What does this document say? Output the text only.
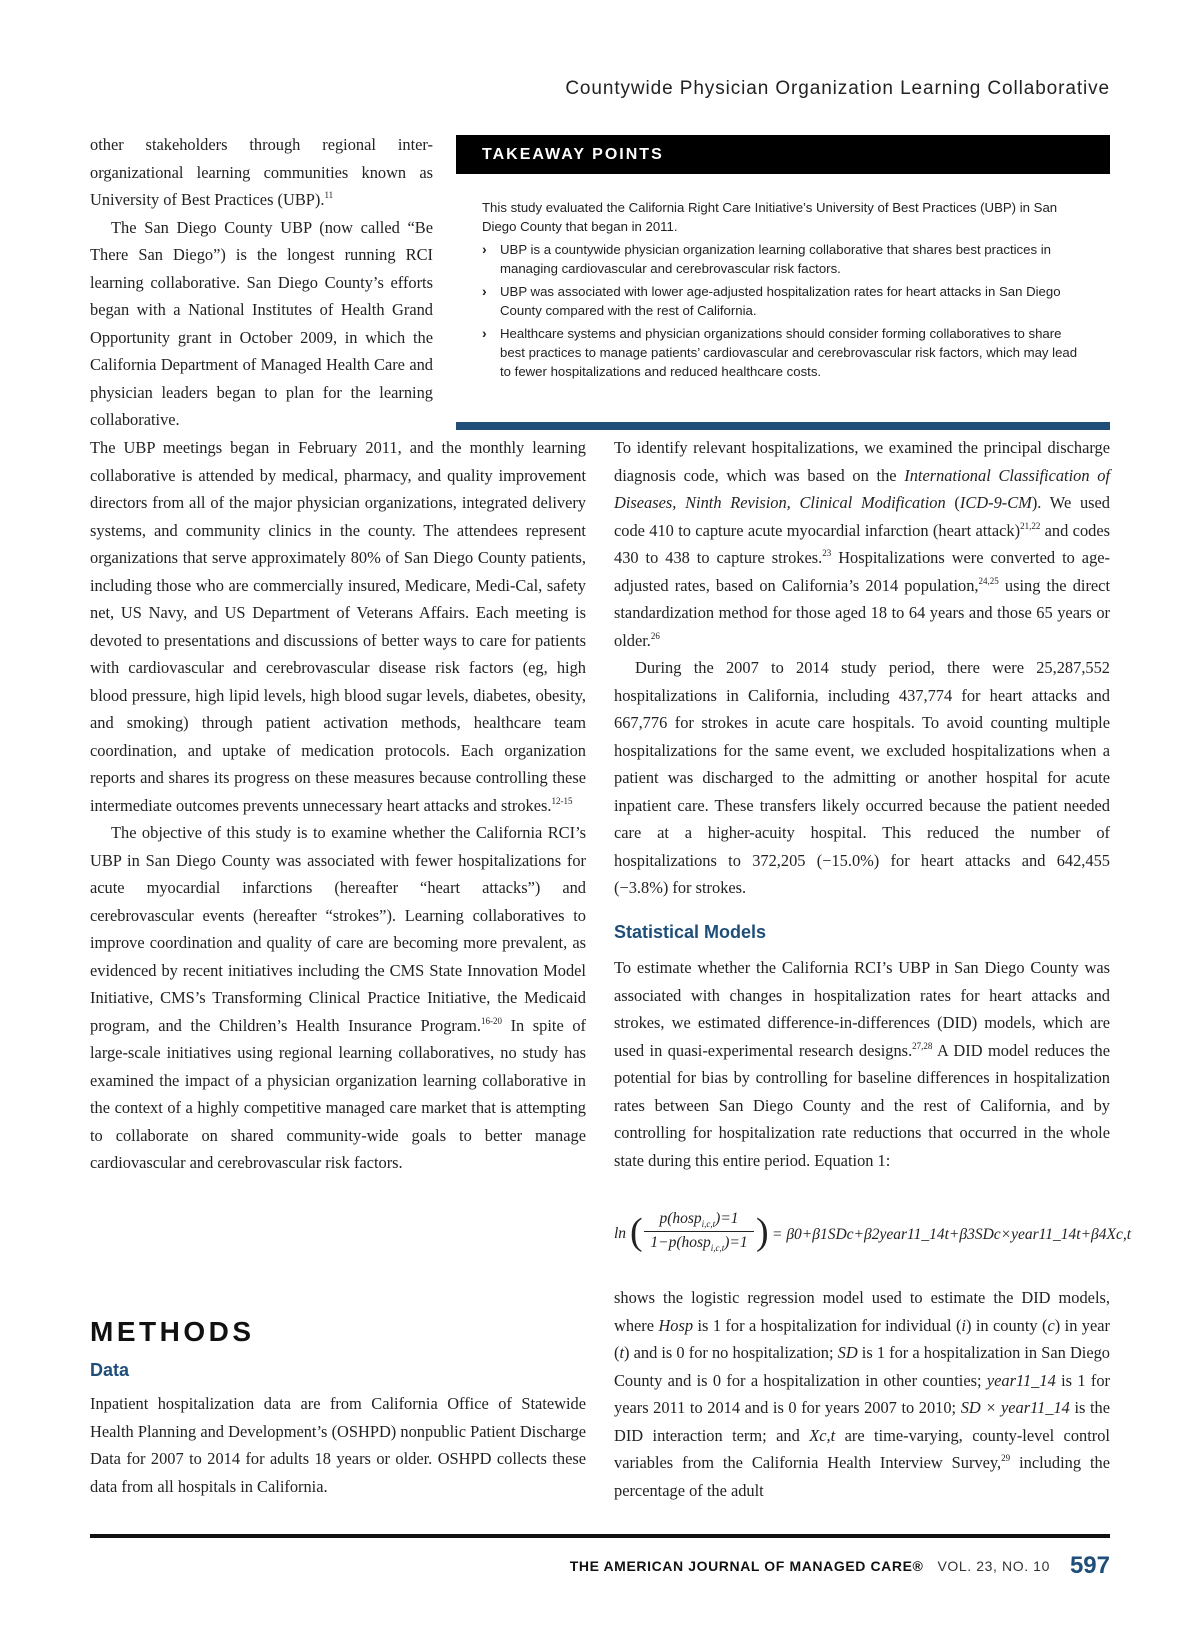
Countywide Physician Organization Learning Collaborative
TAKEAWAY POINTS

This study evaluated the California Right Care Initiative’s University of Best Practices (UBP) in San Diego County that began in 2011.

› UBP is a countywide physician organization learning collaborative that shares best practices in managing cardiovascular and cerebrovascular risk factors.
› UBP was associated with lower age-adjusted hospitalization rates for heart attacks in San Diego County compared with the rest of California.
› Healthcare systems and physician organizations should consider forming collaboratives to share best practices to manage patients’ cardiovascular and cerebrovascular risk factors, which may lead to fewer hospitalizations and reduced healthcare costs.

other stakeholders through regional inter-organizational learning communities known as University of Best Practices (UBP).$^{11}$

The San Diego County UBP (now called “Be There San Diego”) is the longest running RCI learning collaborative. San Diego County’s efforts began with a National Institutes of Health Grand Opportunity grant in October 2009, in which the California Department of Managed Health Care and physician leaders began to plan for the learning collaborative.

The UBP meetings began in February 2011, and the monthly learning collaborative is attended by medical, pharmacy, and quality improvement directors from all of the major physician organizations, integrated delivery systems, and community clinics in the county. The attendees represent organizations that serve approximately 80% of San Diego County patients, including those who are commercially insured, Medicare, Medi-Cal, safety net, US Navy, and US Department of Veterans Affairs. Each meeting is devoted to presentations and discussions of better ways to care for patients with cardiovascular and cerebrovascular disease risk factors (eg, high blood pressure, high lipid levels, high blood sugar levels, diabetes, obesity, and smoking) through patient activation methods, healthcare team coordination, and uptake of medication protocols. Each organization reports and shares its progress on these measures because controlling these intermediate outcomes prevents unnecessary heart attacks and strokes.$^{12-15}$

The objective of this study is to examine whether the California RCI’s UBP in San Diego County was associated with fewer hospitalizations for acute myocardial infarctions (hereafter “heart attacks”) and cerebrovascular events (hereafter “strokes”). Learning collaboratives to improve coordination and quality of care are becoming more prevalent, as evidenced by recent initiatives including the CMS State Innovation Model Initiative, CMS’s Transforming Clinical Practice Initiative, the Medicaid program, and the Children’s Health Insurance Program.$^{16-20}$ In spite of large-scale initiatives using regional learning collaboratives, no study has examined the impact of a physician organization learning collaborative in the context of a highly competitive managed care market that is attempting to collaborate on shared community-wide goals to better manage cardiovascular and cerebrovascular risk factors.

METHODS
Data

Inpatient hospitalization data are from California Office of Statewide Health Planning and Development’s (OSHPD) nonpublic Patient Discharge Data for 2007 to 2014 for adults 18 years or older. OSHPD collects these data from all hospitals in California.

To identify relevant hospitalizations, we examined the principal discharge diagnosis code, which was based on the International Classification of Diseases, Ninth Revision, Clinical Modification (ICD-9-CM). We used code 410 to capture acute myocardial infarction (heart attack)$^{21,22}$ and codes 430 to 438 to capture strokes.$^{23}$ Hospitalizations were converted to age-adjusted rates, based on California’s 2014 population,$^{24,25}$ using the direct standardization method for those aged 18 to 64 years and those 65 years or older.$^{26}$

During the 2007 to 2014 study period, there were 25,287,552 hospitalizations in California, including 437,774 for heart attacks and 667,776 for strokes in acute care hospitals. To avoid counting multiple hospitalizations for the same event, we excluded hospitalizations when a patient was discharged to the admitting or another hospital for acute inpatient care. These transfers likely occurred because the patient needed care at a higher-acuity hospital. This reduced the number of hospitalizations to 372,205 (−15.0%) for heart attacks and 642,455 (−3.8%) for strokes.

Statistical Models

To estimate whether the California RCI’s UBP in San Diego County was associated with changes in hospitalization rates for heart attacks and strokes, we estimated difference-in-differences (DID) models, which are used in quasi-experimental research designs.$^{27,28}$ A DID model reduces the potential for bias by controlling for baseline differences in hospitalization rates between San Diego County and the rest of California, and by controlling for hospitalization rate reductions that occurred in the whole state during this entire period. Equation 1:

ln (	p(hosp$_{i,c,t}$)=1
1−p(hosp$_{i,c,t}$)=1 ) = β0+β1SDc+β2year11_14t+β3SDc×year11_14t+β4Xc,t

shows the logistic regression model used to estimate the DID models, where Hosp is 1 for a hospitalization for individual (i) in county (c) in year (t) and is 0 for no hospitalization; SD is 1 for a hospitalization in San Diego County and is 0 for a hospitalization in other counties; year11_14 is 1 for years 2011 to 2014 and is 0 for years 2007 to 2010; SD × year11_14 is the DID interaction term; and Xc,t are time-varying, county-level control variables from the California Health Interview Survey,$^{29}$ including the percentage of the adult

THE AMERICAN JOURNAL OF MANAGED CARE® VOL. 23, NO. 10 597
